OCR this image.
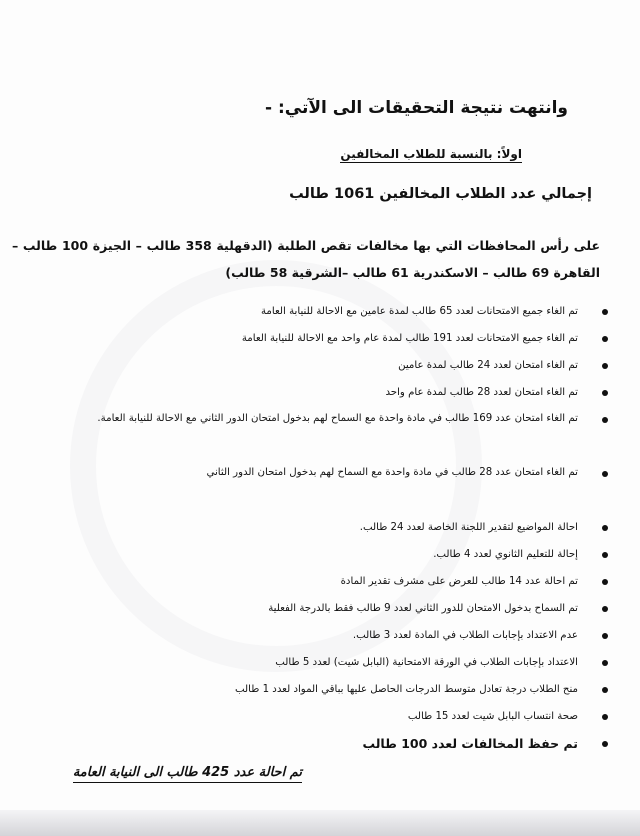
وانتهت نتيجة التحقيقات الى الآتي: -

اولاً: بالنسبة للطلاب المخالفين

إجمالي عدد الطلاب المخالفين 1061 طالب

على رأس المحافظات التي بها مخالفات تقص الطلبة (الدقهلية 358 طالب – الجيزة 100 طالب – القاهرة 69 طالب – الاسكندرية 61 طالب –الشرقية 58 طالب)

تم الغاء جميع الامتحانات لعدد 65 طالب لمدة عامين مع الاحالة للنيابة العامة
تم الغاء جميع الامتحانات لعدد 191 طالب لمدة عام واحد مع الاحالة للنيابة العامة
تم الغاء امتحان لعدد 24 طالب لمدة عامين
تم الغاء امتحان لعدد 28 طالب لمدة عام واحد
تم الغاء امتحان عدد 169 طالب في مادة واحدة مع السماح لهم بدخول امتحان الدور الثاني مع الاحالة للنيابة العامة.
تم الغاء امتحان عدد 28 طالب في مادة واحدة مع السماح لهم بدخول امتحان الدور الثاني
احالة المواضيع لتقدير اللجنة الخاصة لعدد 24 طالب.
إحالة للتعليم الثانوي لعدد 4 طالب.
تم احالة عدد 14 طالب للعرض على مشرف تقدير المادة
تم السماح بدخول الامتحان للدور الثاني لعدد 9 طالب فقط بالدرجة الفعلية
عدم الاعتداد بإجابات الطلاب في المادة لعدد 3 طالب.
الاعتداد بإجابات الطلاب في الورقة الامتحانية (البابل شيت) لعدد 5 طالب
منح الطلاب درجة تعادل متوسط الدرجات الحاصل عليها بباقي المواد لعدد 1 طالب
صحة انتساب البابل شيت لعدد 15 طالب
تم حفظ المخالفات لعدد 100 طالب

تم احالة عدد 425 طالب الى النيابة العامة
